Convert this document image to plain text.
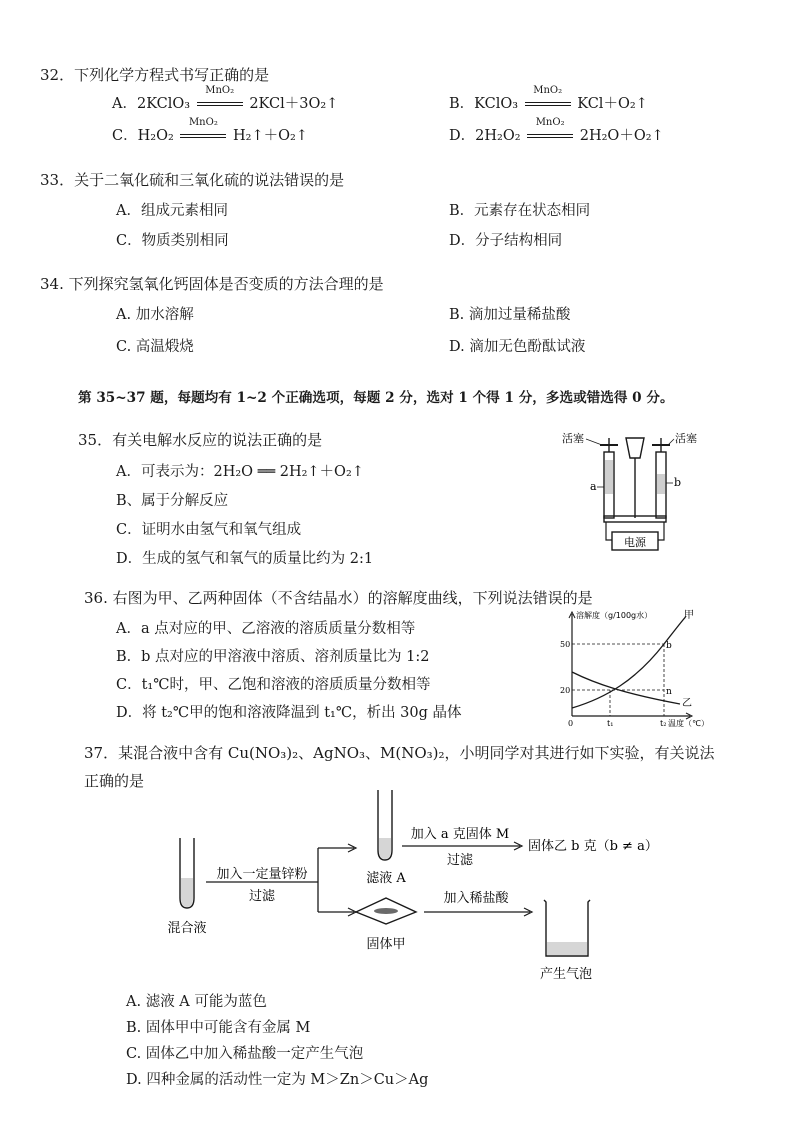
32．下列化学方程式书写正确的是
A．2KClO₃
MnO₂
2KCl＋3O₂↑	B．KClO₃
MnO₂
KCl＋O₂↑
C．H₂O₂
MnO₂
H₂↑＋O₂↑	D．2H₂O₂
MnO₂
2H₂O＋O₂↑
33．关于二氧化硫和三氧化硫的说法错误的是
A．组成元素相同	B．元素存在状态相同
C．物质类别相同	D．分子结构相同
34. 下列探究氢氧化钙固体是否变质的方法合理的是
A. 加水溶解	B. 滴加过量稀盐酸
C. 高温煅烧	D. 滴加无色酚酞试液
第 35~37 题，每题均有 1~2 个正确选项，每题 2 分，选对 1 个得 1 分，多选或错选得 0 分。
35．有关电解水反应的说法正确的是
A．可表示为：2H₂O ══ 2H₂↑＋O₂↑
B、属于分解反应
C．证明水由氢气和氧气组成
D．生成的氢气和氧气的质量比约为 2:1
电源
活塞	活塞
a	b
36. 右图为甲、乙两种固体（不含结晶水）的溶解度曲线，下列说法错误的是
A．a 点对应的甲、乙溶液的溶质质量分数相等
B．b 点对应的甲溶液中溶质、溶剂质量比为 1:2
C．t₁℃时，甲、乙饱和溶液的溶质质量分数相等
D．将 t₂℃甲的饱和溶液降温到 t₁℃，析出 30g 晶体
溶解度（g/100g水）
温度（℃）
50
20
0	t₁	t₂
甲
乙
b
n
37．某混合液中含有 Cu(NO₃)₂、AgNO₃、M(NO₃)₂，小明同学对其进行如下实验，有关说法
正确的是
混合液
加入一定量锌粉
过滤
滤液 A
加入 a 克固体 M
过滤
固体乙 b 克（b ≠ a）
固体甲
加入稀盐酸
产生气泡
A. 滤液 A 可能为蓝色
B. 固体甲中可能含有金属 M
C. 固体乙中加入稀盐酸一定产生气泡
D. 四种金属的活动性一定为 M＞Zn＞Cu＞Ag
